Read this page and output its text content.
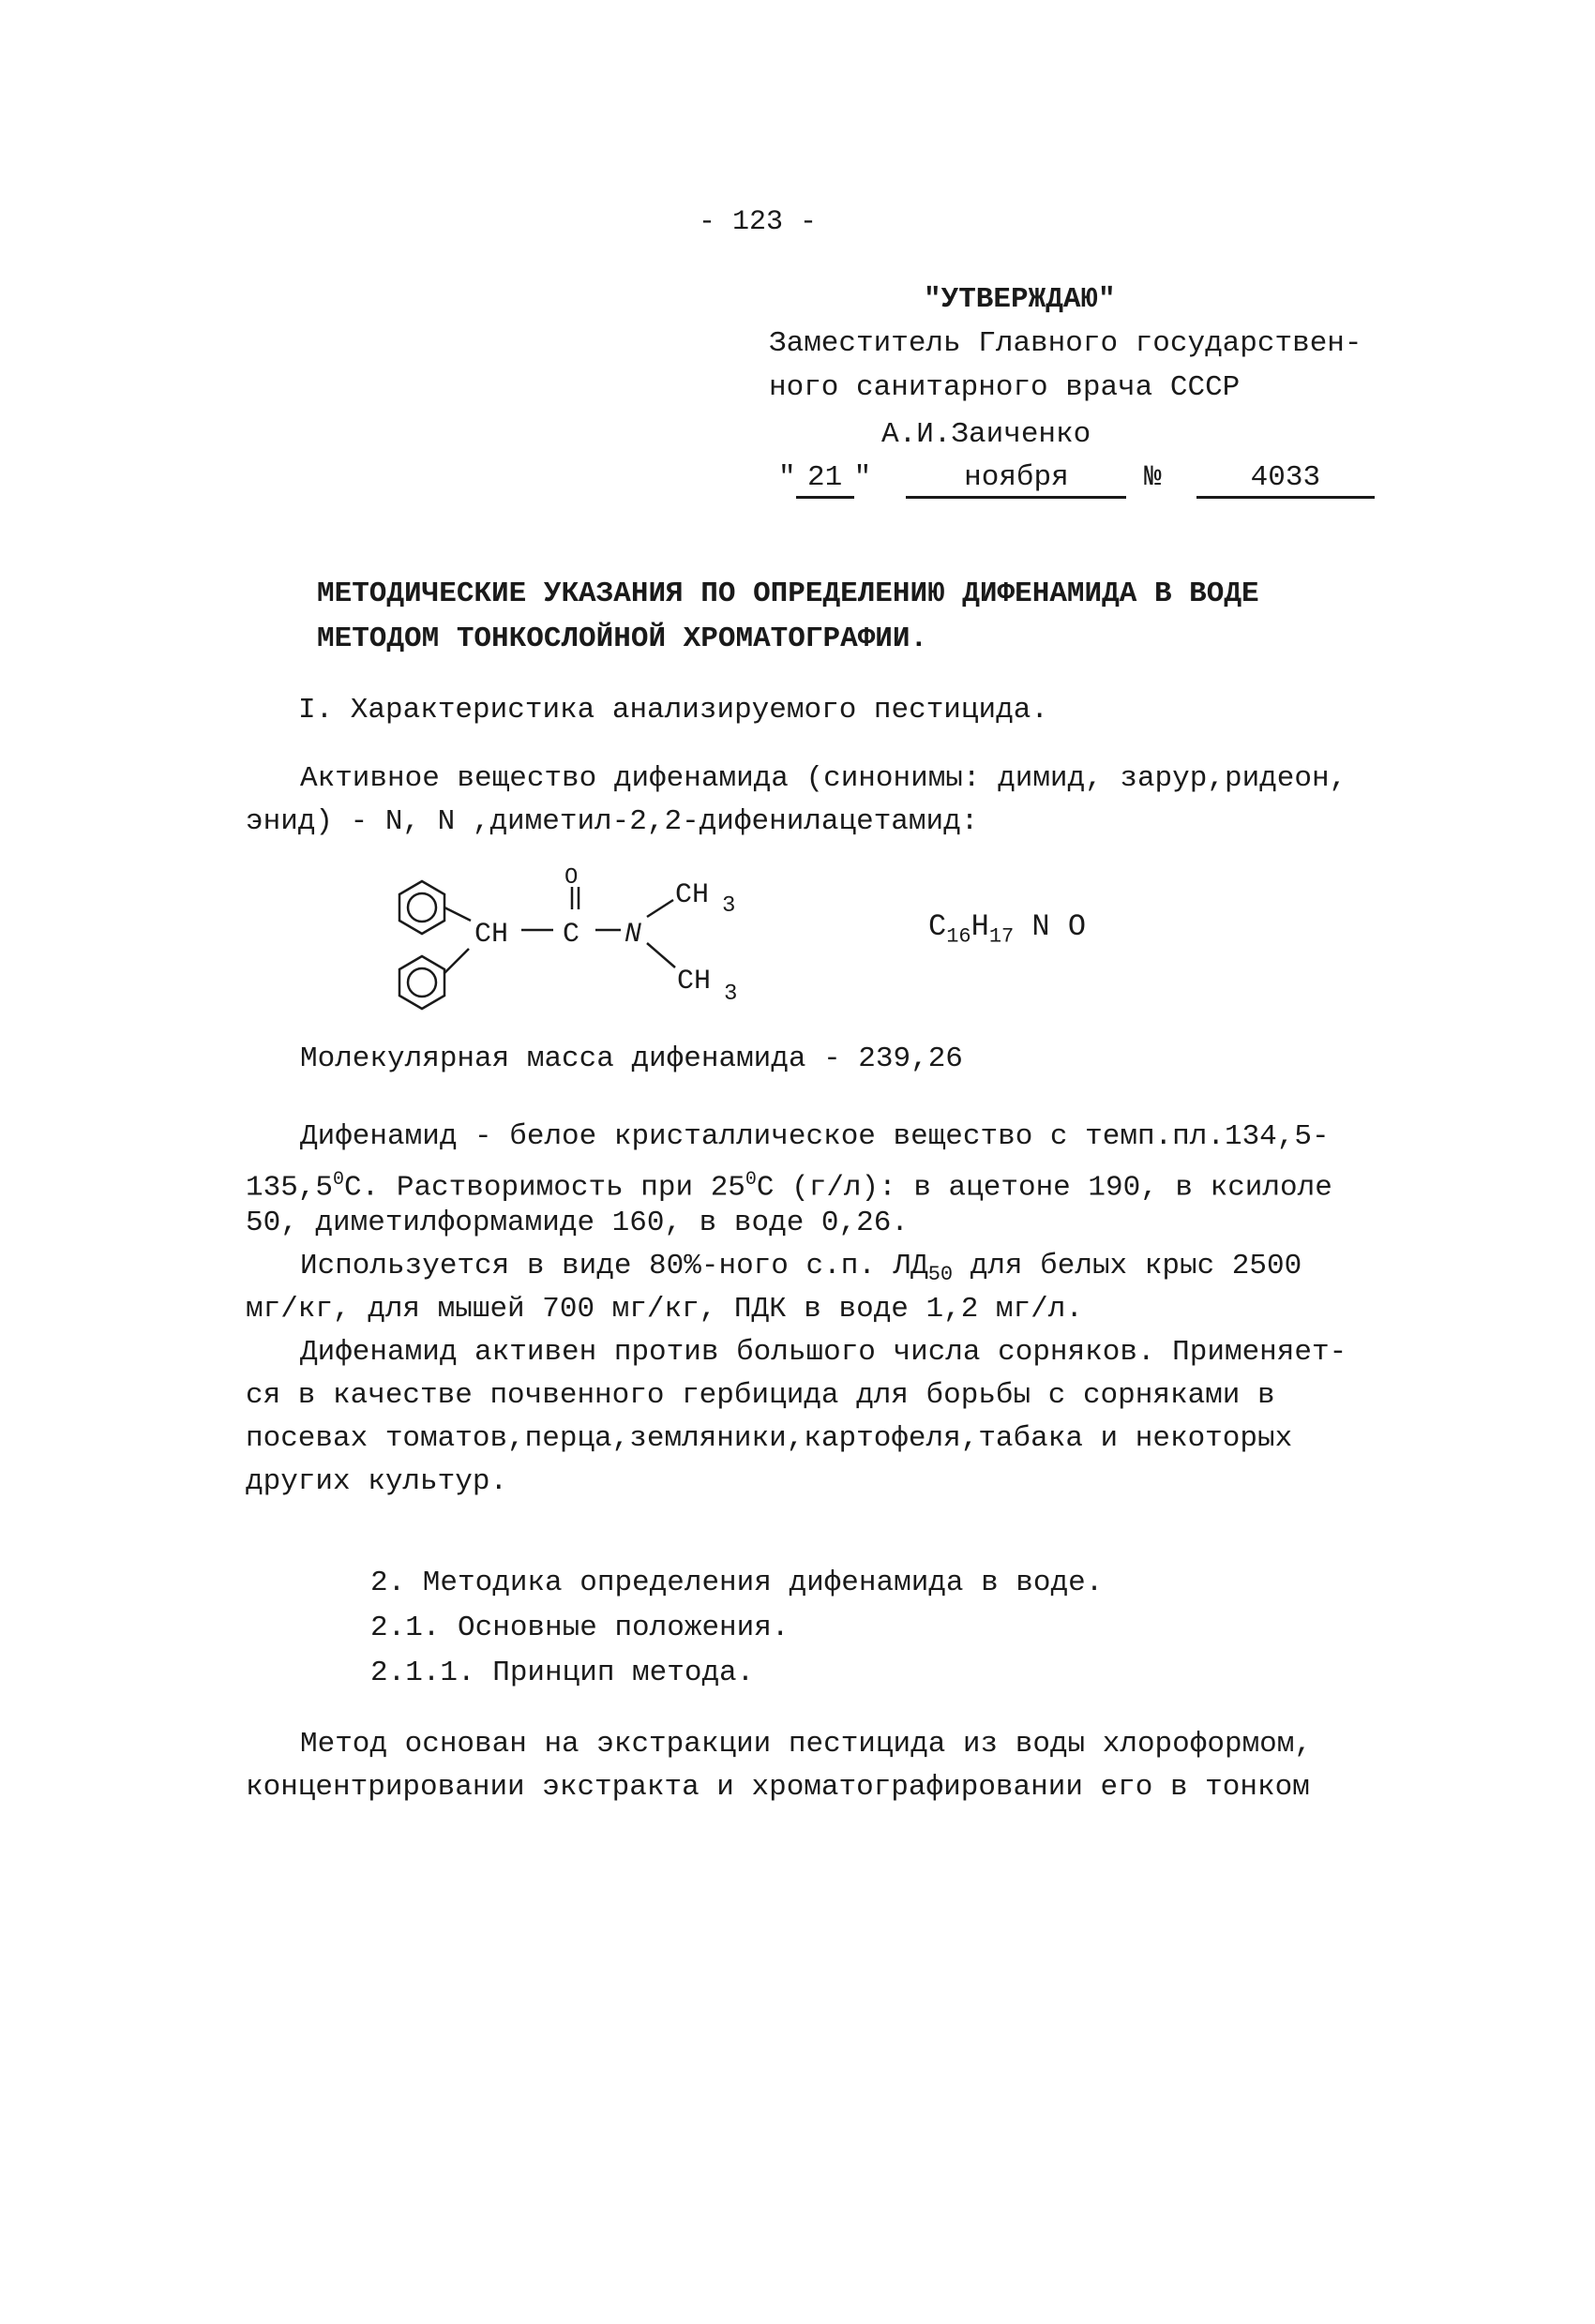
- 123 -
"УТВЕРЖДАЮ"
Заместитель Главного государствен-
ного санитарного врача СССР
А.И.Заиченко
" 21 "  ноября	№	4033
МЕТОДИЧЕСКИЕ УКАЗАНИЯ ПО ОПРЕДЕЛЕНИЮ ДИФЕНАМИДА В ВОДЕ
МЕТОДОМ ТОНКОСЛОЙНОЙ ХРОМАТОГРАФИИ.
I. Характеристика анализируемого пестицида.
Активное вещество дифенамида (синонимы: димид, зарур,ридеон,
энид) - N, N ,диметил-2,2-дифенилацетамид:
CH C
O
N
CH 3
CH 3
$C_{16}H_{17}$ N O
Молекулярная масса дифенамида - 239,26
Дифенамид - белое кристаллическое вещество с темп.пл.134,5-
135,5$^0$С. Растворимость при $25^0С$ (г/л): в ацетоне 190, в ксилоле
50, диметилформамиде 160, в воде 0,26.
Используется в виде 80%-ного с.п. $ЛД_{50}$ для белых крыс 2500
мг/кг, для мышей 700 мг/кг, ПДК в воде 1,2 мг/л.
Дифенамид активен против большого числа сорняков. Применяет-
ся в качестве почвенного гербицида для борьбы с сорняками в
посевах томатов,перца,земляники,картофеля,табака и некоторых
других культур.
2. Методика определения дифенамида в воде.
2.1. Основные положения.
2.1.1. Принцип метода.
Метод основан на экстракции пестицида из воды хлороформом,
концентрировании экстракта и хроматографировании его в тонком
